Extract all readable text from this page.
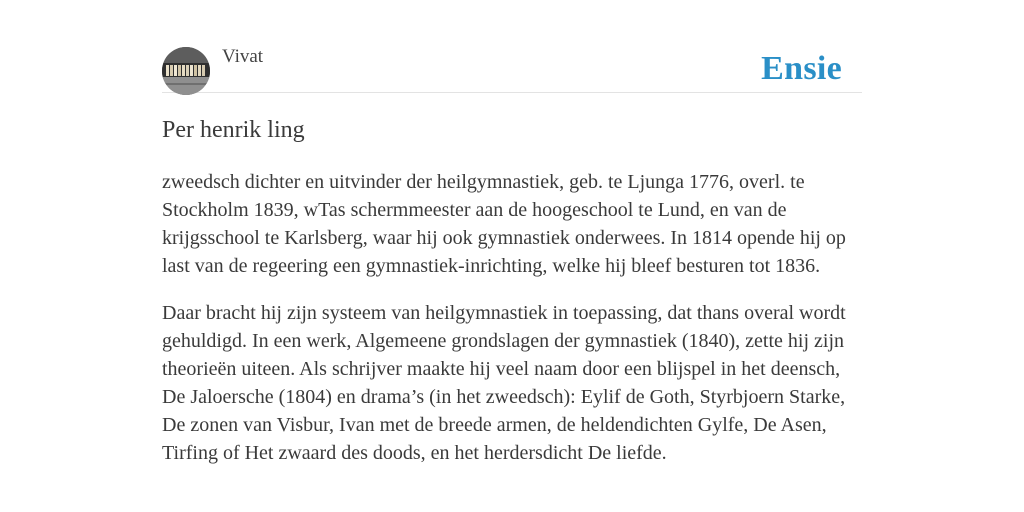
Vivat	Ensie
Per henrik ling

zweedsch dichter en uitvinder der heilgymnastiek, geb. te Ljunga 1776, overl. te Stockholm 1839, wTas schermmeester aan de hoogeschool te Lund, en van de krijgsschool te Karlsberg, waar hij ook gymnastiek onderwees. In 1814 opende hij op last van de regeering een gymnastiek-inrichting, welke hij bleef besturen tot 1836.

Daar bracht hij zijn systeem van heilgymnastiek in toepassing, dat thans overal wordt gehuldigd. In een werk, Algemeene grondslagen der gymnastiek (1840), zette hij zijn theorieën uiteen. Als schrijver maakte hij veel naam door een blijspel in het deensch, De Jaloersche (1804) en drama’s (in het zweedsch): Eylif de Goth, Styrbjoern Starke, De zonen van Visbur, Ivan met de breede armen, de heldendichten Gylfe, De Asen, Tirfing of Het zwaard des doods, en het herdersdicht De liefde.
